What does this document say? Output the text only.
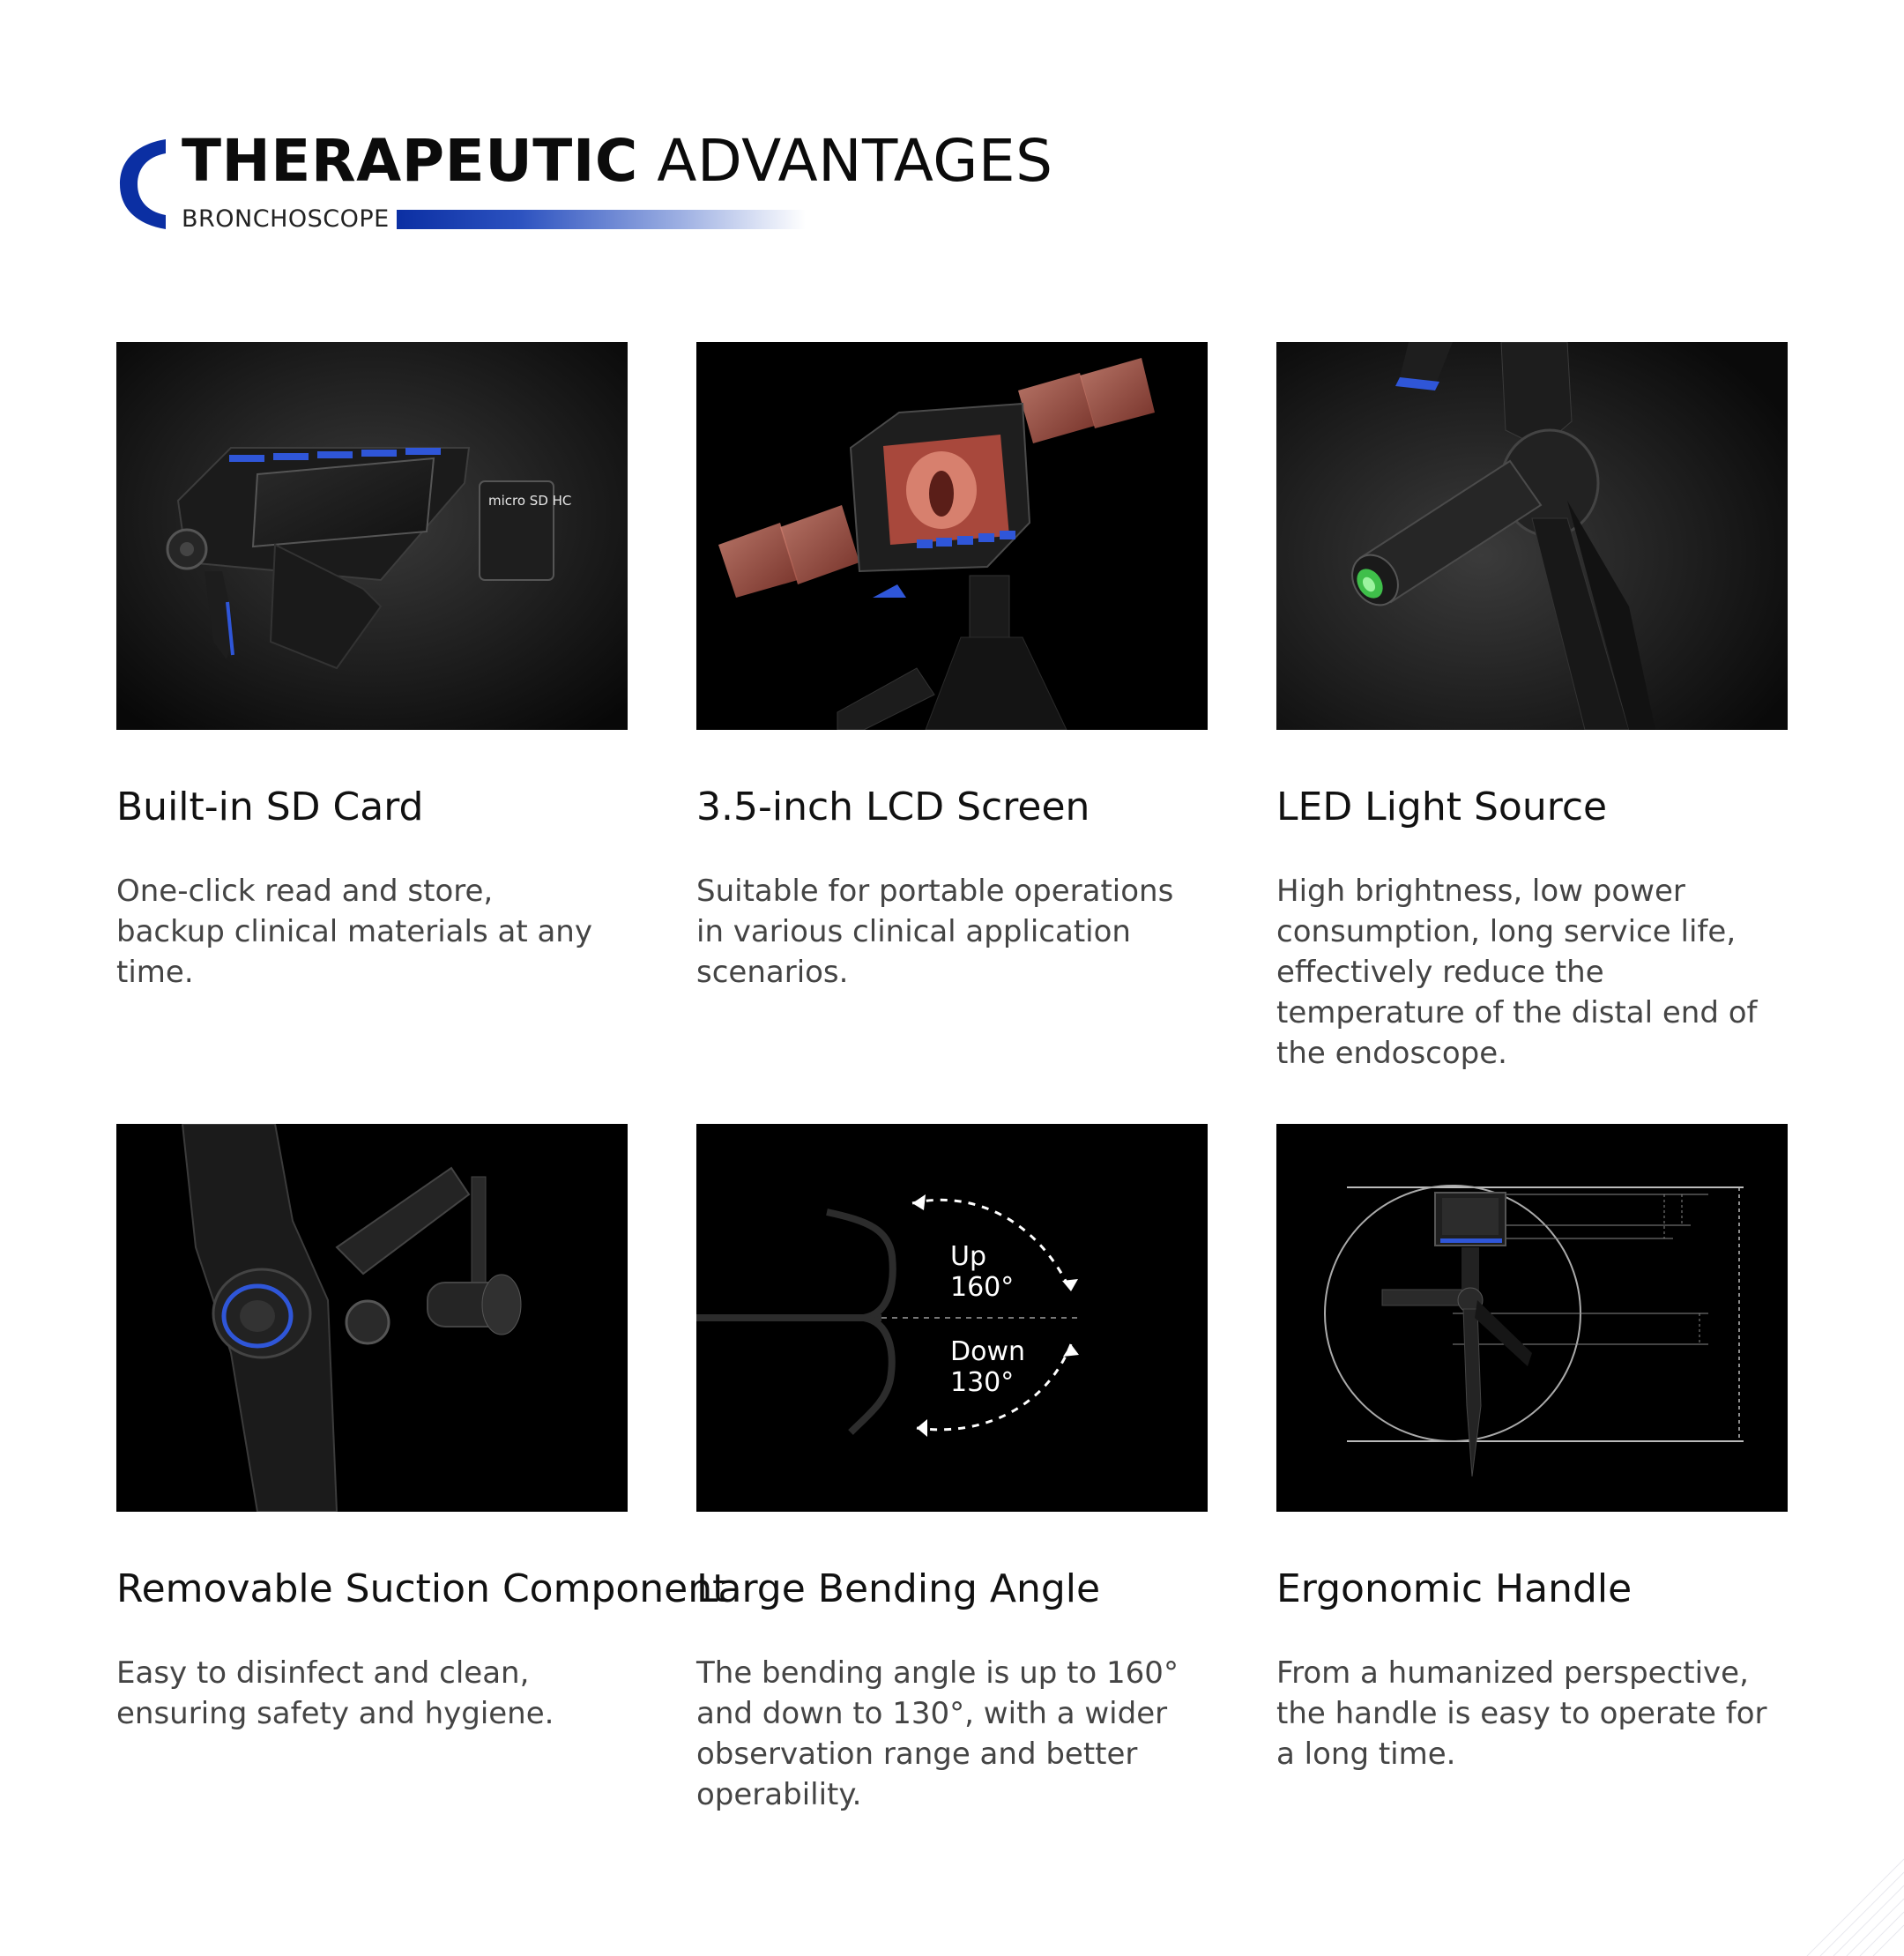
THERAPEUTIC ADVANTAGES
BRONCHOSCOPE
micro SD HC
Built-in SD Card
One-click read and store, backup clinical materials at any time.
3.5-inch LCD Screen
Suitable for portable operations in various clinical application scenarios.
LED Light Source
High brightness, low power consumption, long service life, effectively reduce the temperature of the distal end of the endoscope.
Removable Suction Component
Easy to disinfect and clean, ensuring safety and hygiene.
Up
160°
Down
130°
Large Bending Angle
The bending angle is up to 160° and down to 130°, with a wider observation range and better operability.
Ergonomic Handle
From a humanized perspective, the handle is easy to operate for a long time.
